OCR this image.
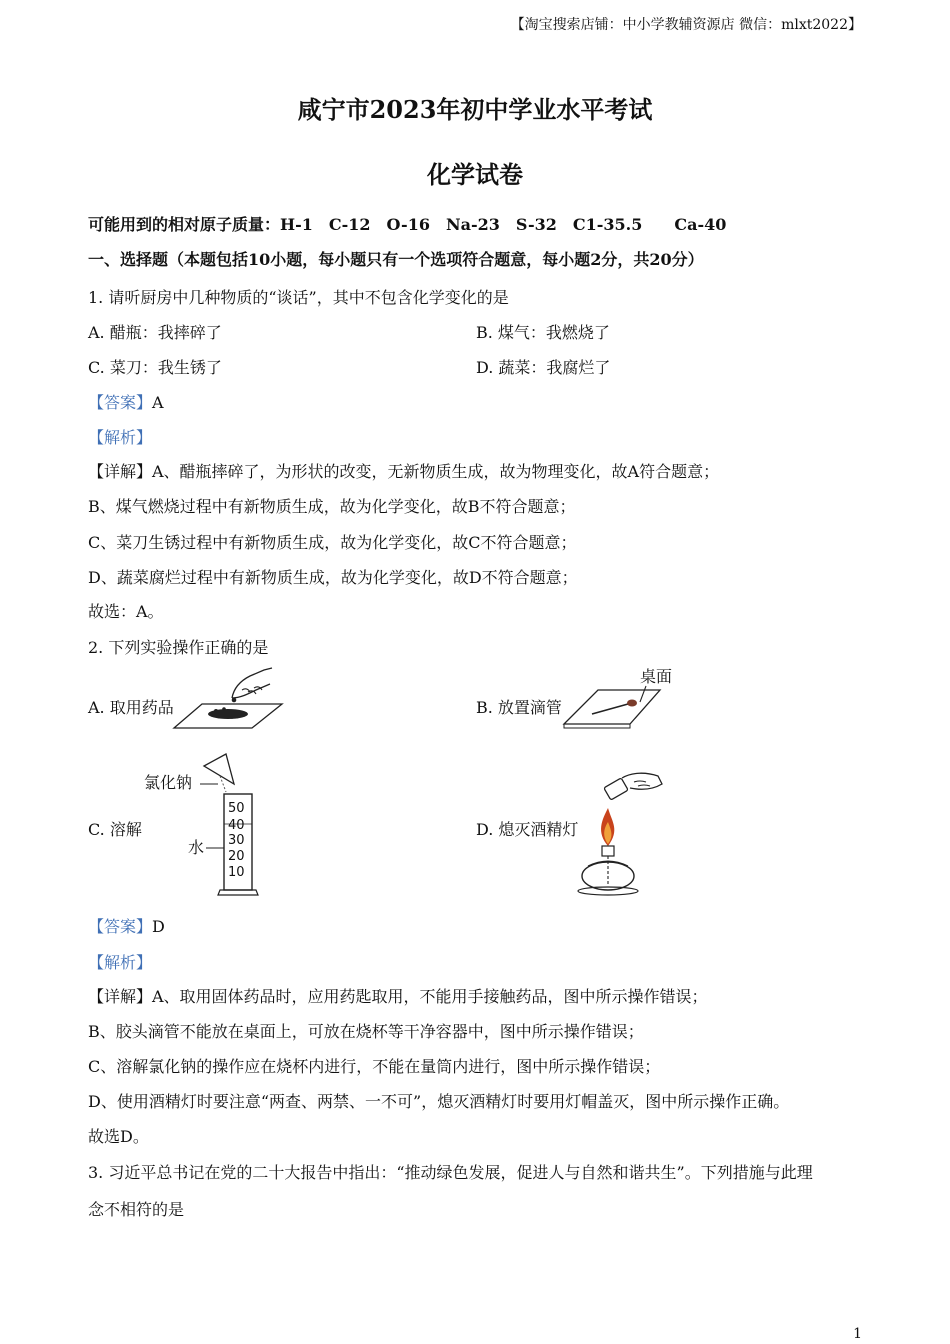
【淘宝搜索店铺：中小学教辅资源店 微信：mlxt2022】
咸宁市2023年初中学业水平考试
化学试卷
可能用到的相对原子质量：H-1　C-12　O-16　Na-23　S-32　C1-35.5　　Ca-40
一、选择题（本题包括10小题，每小题只有一个选项符合题意，每小题2分，共20分）
1. 请听厨房中几种物质的“谈话”，其中不包含化学变化的是
A. 醋瓶：我摔碎了	B. 煤气：我燃烧了
C. 菜刀：我生锈了	D. 蔬菜：我腐烂了
【答案】A
【解析】
【详解】A、醋瓶摔碎了，为形状的改变，无新物质生成，故为物理变化，故A符合题意；
B、煤气燃烧过程中有新物质生成，故为化学变化，故B不符合题意；
C、菜刀生锈过程中有新物质生成，故为化学变化，故C不符合题意；
D、蔬菜腐烂过程中有新物质生成，故为化学变化，故D不符合题意；
故选：A。
2. 下列实验操作正确的是
A. 取用药品	B. 放置滴管
C. 溶解	D. 熄灭酒精灯
桌面
氯化钠
水
50
40
30
20
10
【答案】D
【解析】
【详解】A、取用固体药品时，应用药匙取用，不能用手接触药品，图中所示操作错误；
B、胶头滴管不能放在桌面上，可放在烧杯等干净容器中，图中所示操作错误；
C、溶解氯化钠的操作应在烧杯内进行，不能在量筒内进行，图中所示操作错误；
D、使用酒精灯时要注意“两查、两禁、一不可”，熄灭酒精灯时要用灯帽盖灭，图中所示操作正确。
故选D。
3. 习近平总书记在党的二十大报告中指出：“推动绿色发展，促进人与自然和谐共生”。下列措施与此理
念不相符的是
1
